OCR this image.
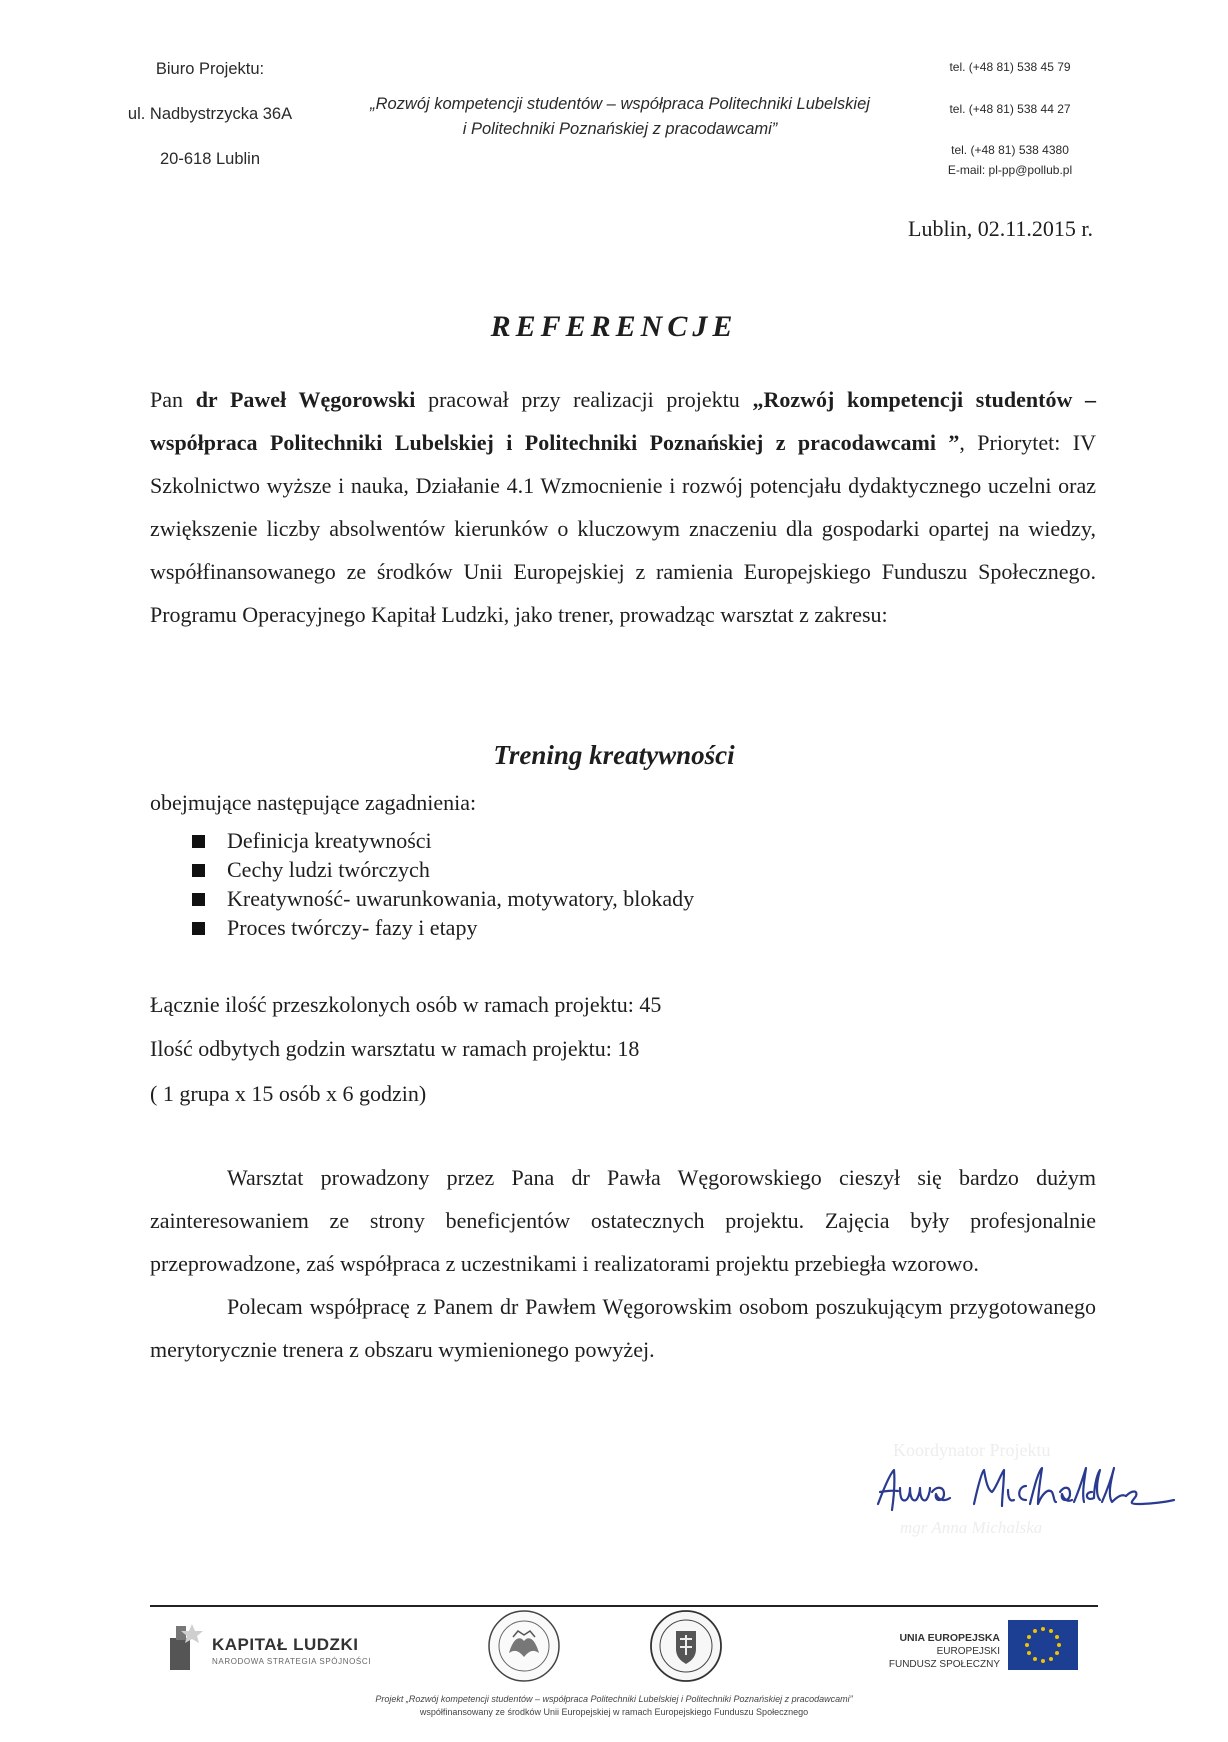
Biuro Projektu:
ul. Nadbystrzycka 36A
20-618 Lublin
„Rozwój kompetencji studentów – współpraca Politechniki Lubelskiej
i Politechniki Poznańskiej z pracodawcami”
tel. (+48 81) 538 45 79
tel. (+48 81) 538 44 27
tel. (+48 81) 538 4380
E-mail: pl-pp@pollub.pl
Lublin, 02.11.2015 r.
REFERENCJE
Pan dr Paweł Węgorowski pracował przy realizacji projektu „Rozwój kompetencji studentów – współpraca Politechniki Lubelskiej i Politechniki Poznańskiej z pracodawcami ”, Priorytet: IV Szkolnictwo wyższe i nauka, Działanie 4.1 Wzmocnienie i rozwój potencjału dydaktycznego uczelni oraz zwiększenie liczby absolwentów kierunków o kluczowym znaczeniu dla gospodarki opartej na wiedzy, współfinansowanego ze środków Unii Europejskiej z ramienia Europejskiego Funduszu Społecznego. Programu Operacyjnego Kapitał Ludzki, jako trener, prowadząc warsztat z zakresu:
Trening kreatywności
obejmujące następujące zagadnienia:
Definicja kreatywności
Cechy ludzi twórczych
Kreatywność- uwarunkowania, motywatory, blokady
Proces twórczy- fazy i etapy
Łącznie ilość przeszkolonych osób w ramach projektu: 45
Ilość odbytych godzin warsztatu w ramach projektu: 18
( 1 grupa x 15 osób x 6 godzin)
Warsztat prowadzony przez Pana dr Pawła Węgorowskiego cieszył się bardzo dużym zainteresowaniem ze strony beneficjentów ostatecznych projektu. Zajęcia były profesjonalnie przeprowadzone, zaś współpraca z uczestnikami i realizatorami projektu przebiegła wzorowo.
Polecam współpracę z Panem dr Pawłem Węgorowskim osobom poszukującym przygotowanego merytorycznie trenera z obszaru wymienionego powyżej.
Koordynator Projektu
mgr Anna Michalska
KAPITAŁ LUDZKI
NARODOWA STRATEGIA SPÓJNOŚCI
UNIA EUROPEJSKA
EUROPEJSKI
FUNDUSZ SPOŁECZNY
Projekt „Rozwój kompetencji studentów – współpraca Politechniki Lubelskiej i Politechniki Poznańskiej z pracodawcami”
współfinansowany ze środków Unii Europejskiej w ramach Europejskiego Funduszu Społecznego
